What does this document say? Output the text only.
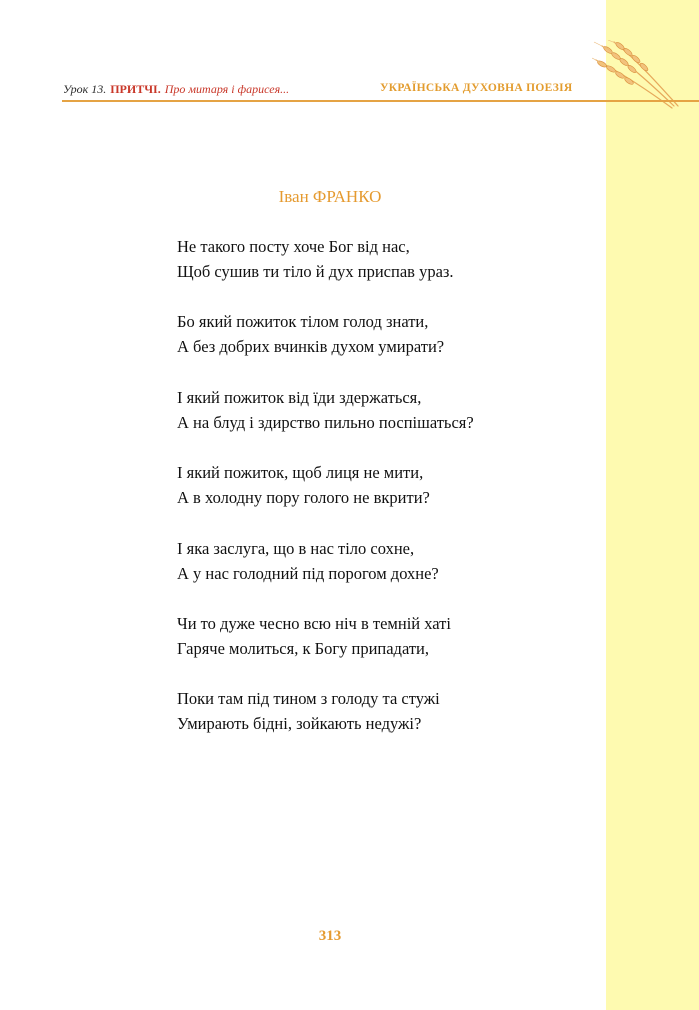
Урок 13. ПРИТЧІ. Про митаря і фарисея...	УКРАЇНСЬКА ДУХОВНА ПОЕЗІЯ
Іван ФРАНКО
Не такого посту хоче Бог від нас,
Щоб сушив ти тіло й дух приспав ураз.
Бо який пожиток тілом голод знати,
А без добрих вчинків духом умирати?
І який пожиток від їди здержаться,
А на блуд і здирство пильно поспішаться?
І який пожиток, щоб лиця не мити,
А в холодну пору голого не вкрити?
І яка заслуга, що в нас тіло сохне,
А у нас голодний під порогом дохне?
Чи то дуже чесно всю ніч в темній хаті
Гаряче молиться, к Богу припадати,
Поки там під тином з голоду та стужі
Умирають бідні, зойкають недужі?
313
